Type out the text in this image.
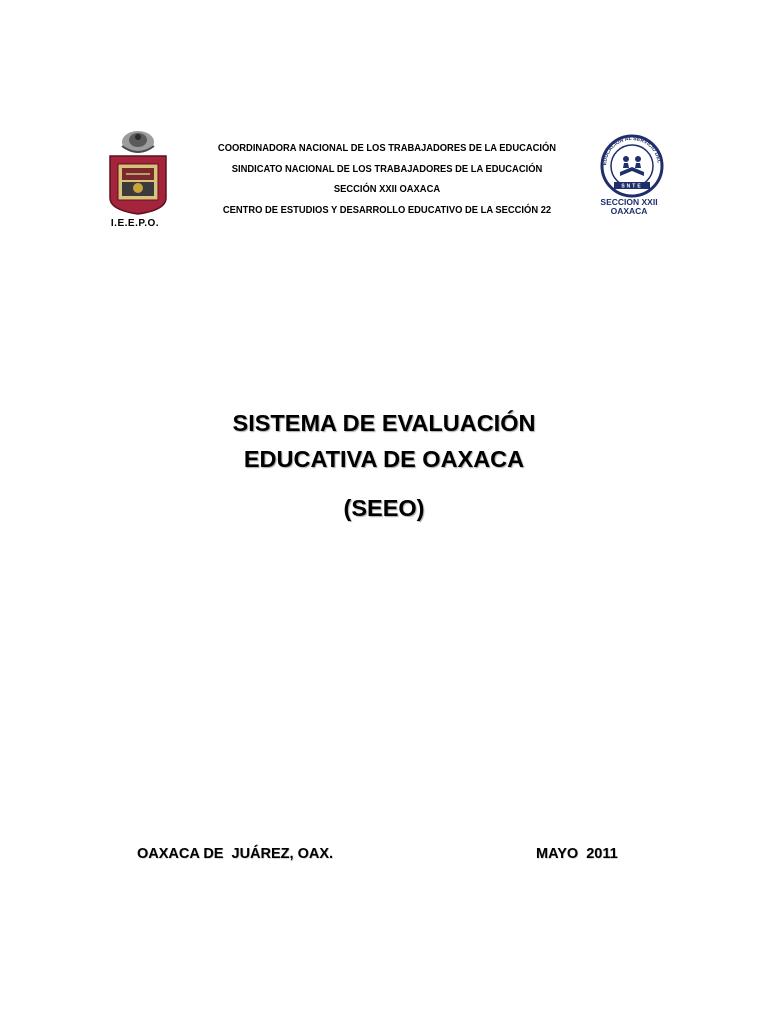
I.E.E.P.O.
COORDINADORA NACIONAL DE LOS TRABAJADORES DE LA EDUCACIÓN
SINDICATO NACIONAL DE LOS TRABAJADORES DE LA EDUCACIÓN
SECCIÓN XXII OAXACA
CENTRO DE ESTUDIOS Y DESARROLLO EDUCATIVO DE LA SECCIÓN 22
EDUCACIÓN AL SERVICIO DEL
SNTE
SECCION XXII
OAXACA
SISTEMA DE EVALUACIÓN
EDUCATIVA DE OAXACA
(SEEO)
OAXACA DE  JUÁREZ, OAX.	MAYO  2011
